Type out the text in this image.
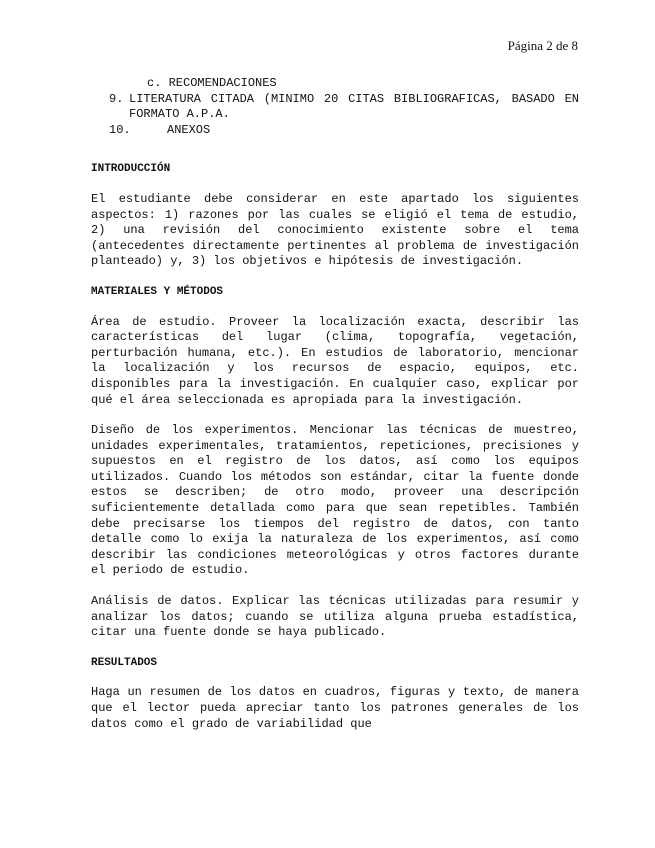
Página 2 de 8
c. RECOMENDACIONES
9. LITERATURA CITADA (MINIMO 20 CITAS BIBLIOGRAFICAS, BASADO EN FORMATO A.P.A.
10.	ANEXOS
INTRODUCCIÓN

El estudiante debe considerar en este apartado los siguientes aspectos: 1) razones por las cuales se eligió el tema de estudio, 2) una revisión del conocimiento existente sobre el tema (antecedentes directamente pertinentes al problema de investigación planteado) y, 3) los objetivos e hipótesis de investigación.

MATERIALES Y MÉTODOS

Área de estudio. Proveer la localización exacta, describir las características del lugar (clima, topografía, vegetación, perturbación humana, etc.). En estudios de laboratorio, mencionar la localización y los recursos de espacio, equipos, etc. disponibles para la investigación. En cualquier caso, explicar por qué el área seleccionada es apropiada para la investigación.

Diseño de los experimentos. Mencionar las técnicas de muestreo, unidades experimentales, tratamientos, repeticiones, precisiones y supuestos en el registro de los datos, así como los equipos utilizados. Cuando los métodos son estándar, citar la fuente donde estos se describen; de otro modo, proveer una descripción suficientemente detallada como para que sean repetibles. También debe precisarse los tiempos del registro de datos, con tanto detalle como lo exija la naturaleza de los experimentos, así como describir las condiciones meteorológicas y otros factores durante el periodo de estudio.

Análisis de datos. Explicar las técnicas utilizadas para resumir y analizar los datos; cuando se utiliza alguna prueba estadística, citar una fuente donde se haya publicado.

RESULTADOS

Haga un resumen de los datos en cuadros, figuras y texto, de manera que el lector pueda apreciar tanto los patrones generales de los datos como el grado de variabilidad que
